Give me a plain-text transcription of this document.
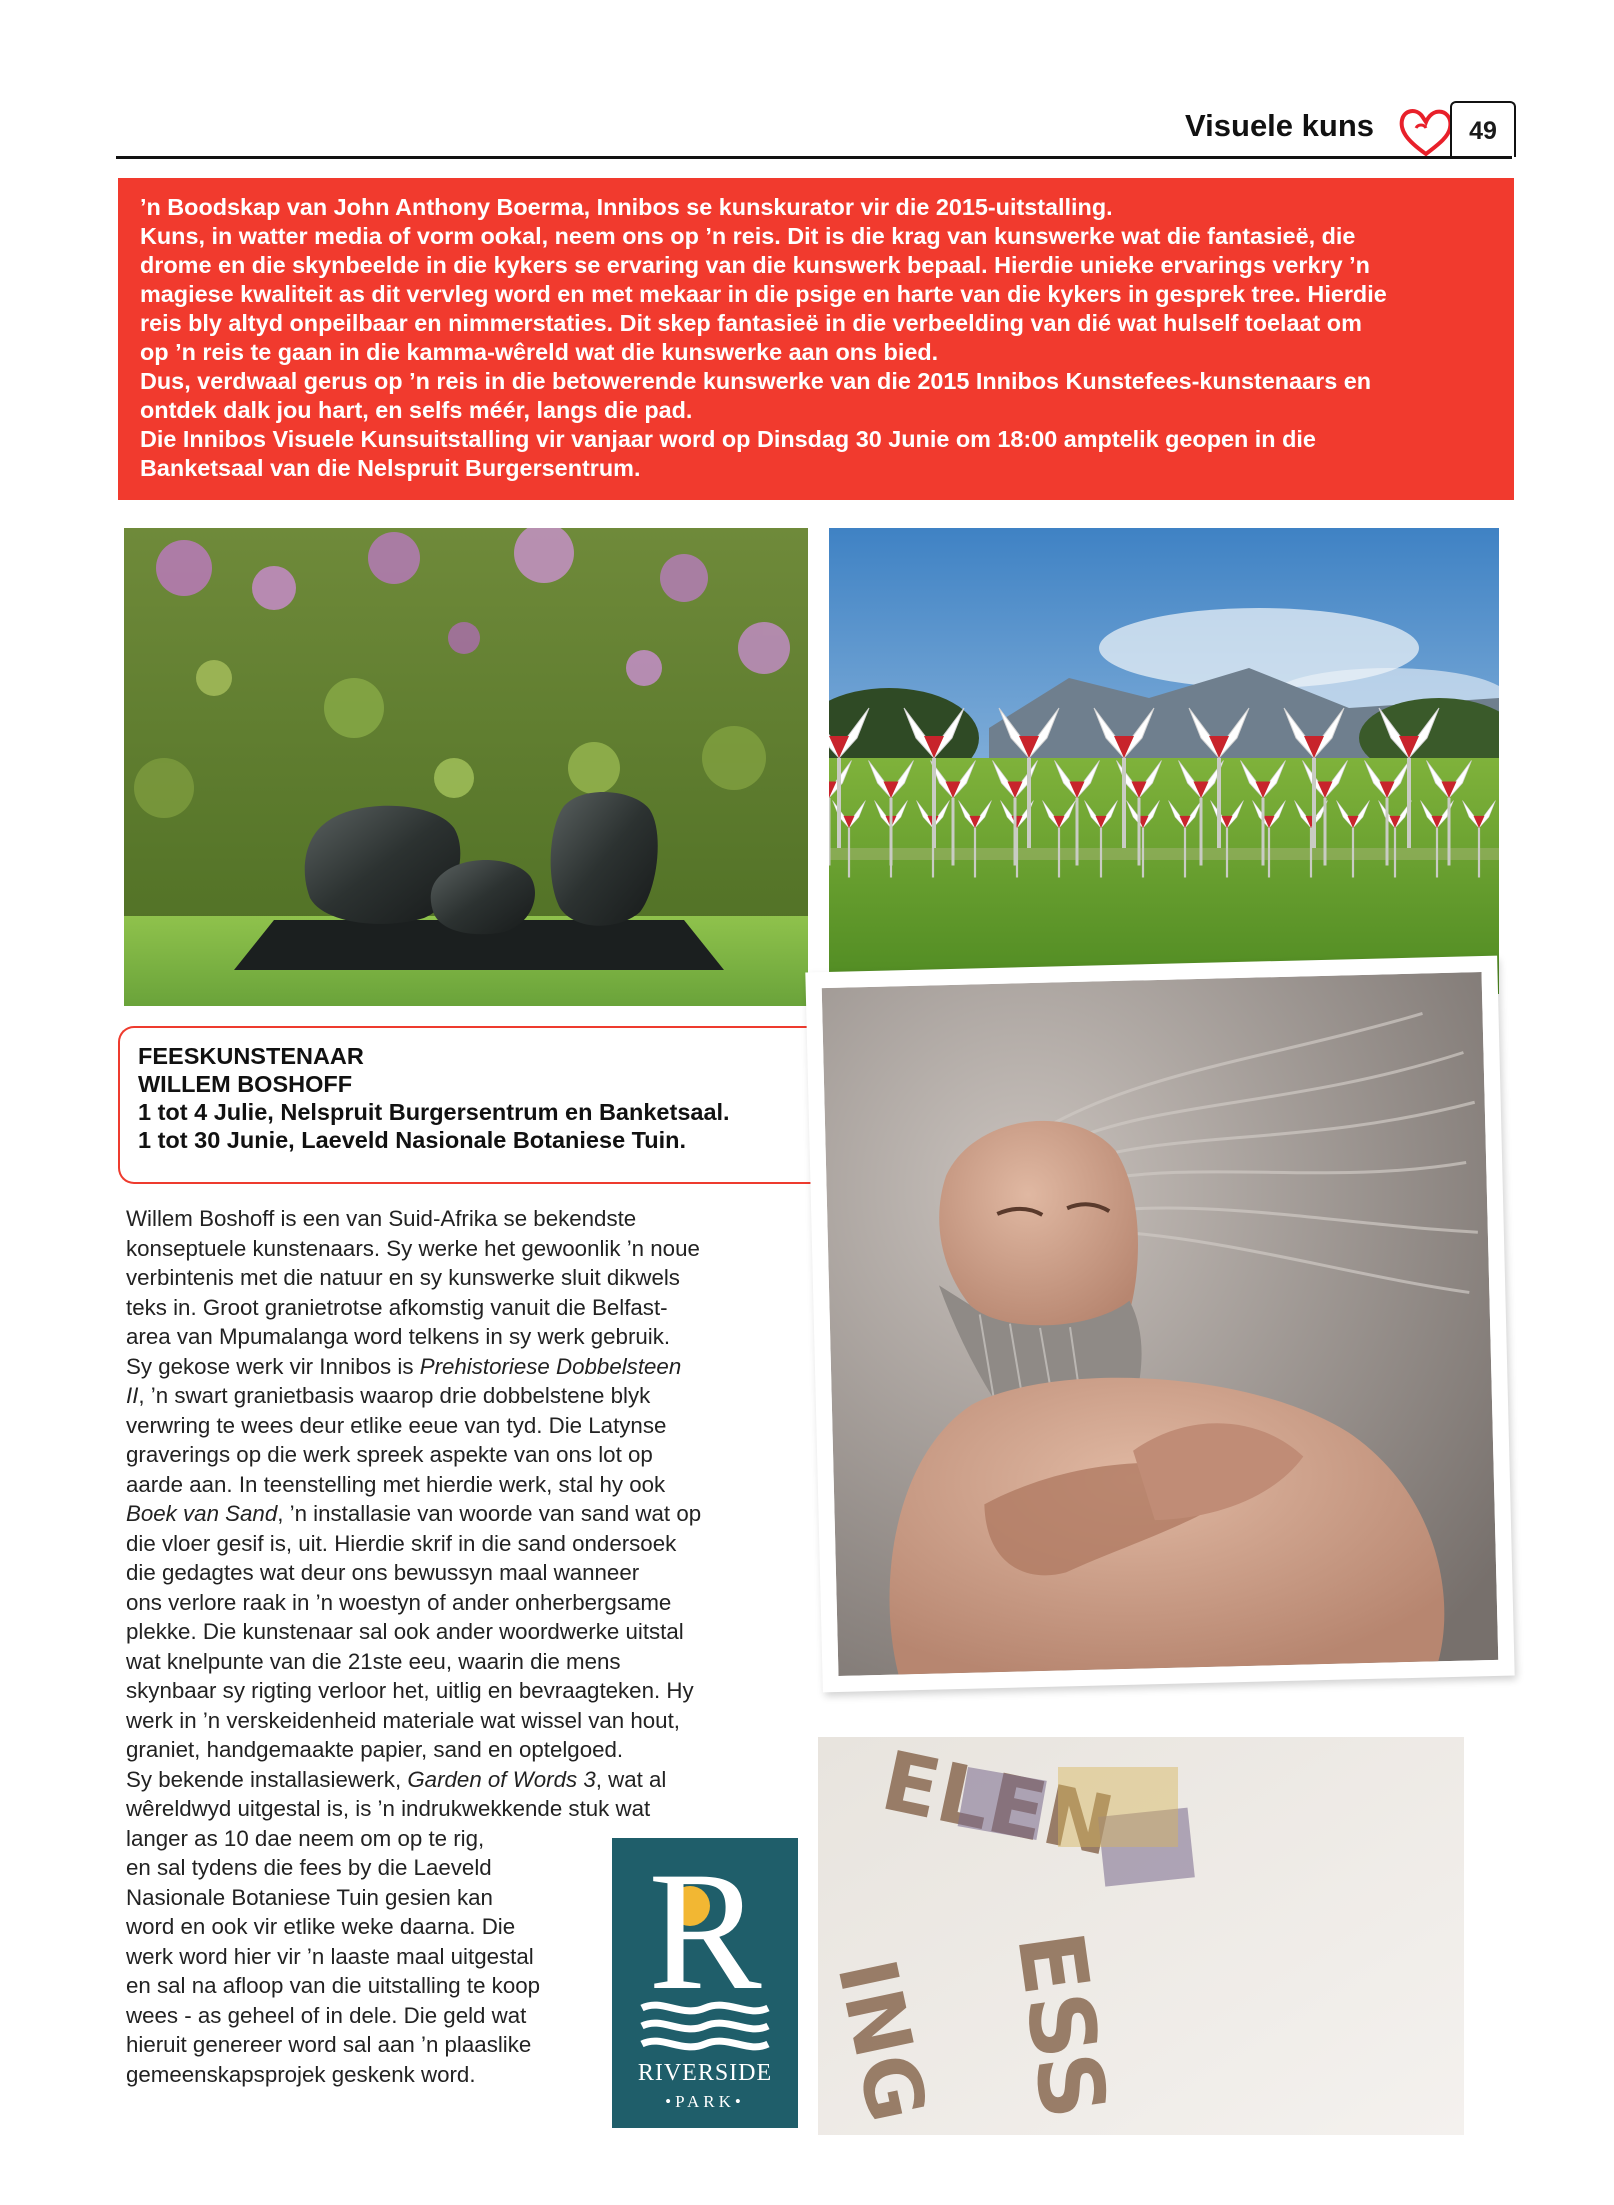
Visuele kuns	49

’n Boodskap van John Anthony Boerma, Innibos se kunskurator vir die 2015-uitstalling.

Kuns, in watter media of vorm ookal, neem ons op ’n reis. Dit is die krag van kunswerke wat die fantasieë, die

drome en die skynbeelde in die kykers se ervaring van die kunswerk bepaal. Hierdie unieke ervarings verkry ’n

magiese kwaliteit as dit vervleg word en met mekaar in die psige en harte van die kykers in gesprek tree. Hierdie

reis bly altyd onpeilbaar en nimmerstaties. Dit skep fantasieë in die verbeelding van dié wat hulself toelaat om

op ’n reis te gaan in die kamma-wêreld wat die kunswerke aan ons bied.

Dus, verdwaal gerus op ’n reis in die betowerende kunswerke van die 2015 Innibos Kunstefees-kunstenaars en

ontdek dalk jou hart, en selfs méér, langs die pad.

Die Innibos Visuele Kunsuitstalling vir vanjaar word op Dinsdag 30 Junie om 18:00 amptelik geopen in die

Banketsaal van die Nelspruit Burgersentrum.

FEESKUNSTENAAR
WILLEM BOSHOFF
1 tot 4 Julie, Nelspruit Burgersentrum en Banketsaal.
1 tot 30 Junie, Laeveld Nasionale Botaniese Tuin.
ESS
ING
Willem Boshoff is een van Suid-Afrika se bekendste
konseptuele kunstenaars. Sy werke het gewoonlik ’n noue
verbintenis met die natuur en sy kunswerke sluit dikwels
teks in. Groot granietrotse afkomstig vanuit die Belfast-
area van Mpumalanga word telkens in sy werk gebruik.
Sy gekose werk vir Innibos is Prehistoriese Dobbelsteen
II, ’n swart granietbasis waarop drie dobbelstene blyk
verwring te wees deur etlike eeue van tyd. Die Latynse
graverings op die werk spreek aspekte van ons lot op
aarde aan. In teenstelling met hierdie werk, stal hy ook
Boek van Sand, ’n installasie van woorde van sand wat op
die vloer gesif is, uit. Hierdie skrif in die sand ondersoek
die gedagtes wat deur ons bewussyn maal wanneer
ons verlore raak in ’n woestyn of ander onherbergsame
plekke. Die kunstenaar sal ook ander woordwerke uitstal
wat knelpunte van die 21ste eeu, waarin die mens
skynbaar sy rigting verloor het, uitlig en bevraagteken. Hy
werk in ’n verskeidenheid materiale wat wissel van hout,
graniet, handgemaakte papier, sand en optelgoed.
Sy bekende installasiewerk, Garden of Words 3, wat al
wêreldwyd uitgestal is, is ’n indrukwekkende stuk wat
langer as 10 dae neem om op te rig,
en sal tydens die fees by die Laeveld
Nasionale Botaniese Tuin gesien kan
word en ook vir etlike weke daarna. Die
werk word hier vir ’n laaste maal uitgestal
en sal na afloop van die uitstalling te koop
wees - as geheel of in dele. Die geld wat
hieruit genereer word sal aan ’n plaaslike
gemeenskapsprojek geskenk word.
R
RIVERSIDE
•PARK•
